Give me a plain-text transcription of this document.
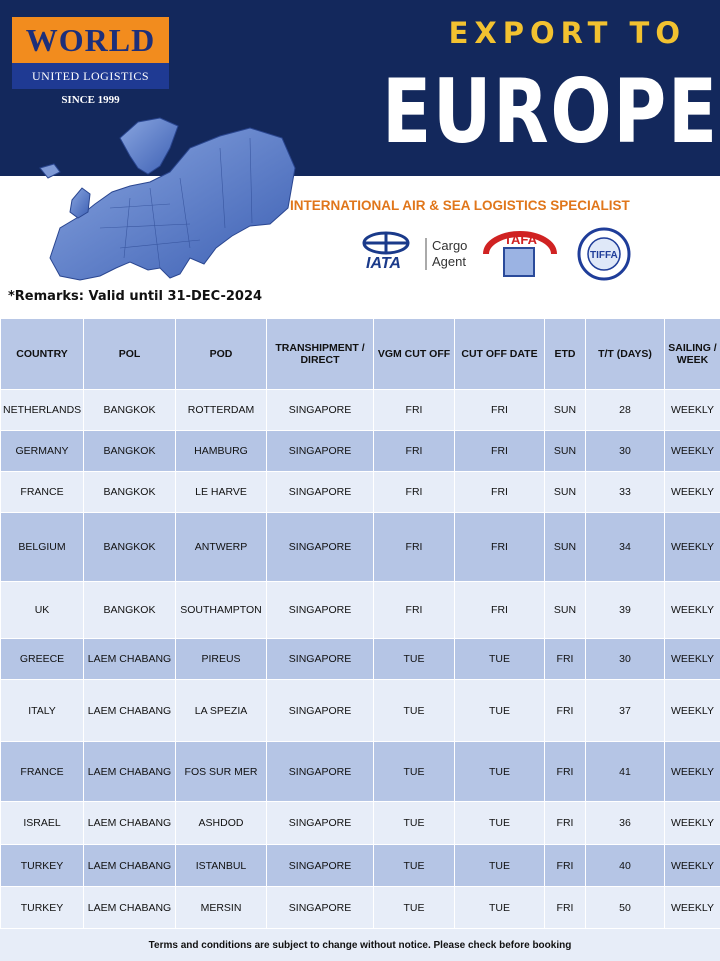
WORLD
UNITED LOGISTICS
SINCE 1999
EXPORT TO
EUROPE
INTERNATIONAL AIR & SEA LOGISTICS SPECIALIST
IATA
Cargo
Agent
TAFA
TIFFA
*Remarks: Valid until 31-DEC-2024
COUNTRY	POL	POD	TRANSHIPMENT / DIRECT	VGM CUT OFF	CUT OFF DATE	ETD	T/T (DAYS)	SAILING / WEEK
NETHERLANDS	BANGKOK	ROTTERDAM	SINGAPORE	FRI	FRI	SUN	28	WEEKLY
GERMANY	BANGKOK	HAMBURG	SINGAPORE	FRI	FRI	SUN	30	WEEKLY
FRANCE	BANGKOK	LE HARVE	SINGAPORE	FRI	FRI	SUN	33	WEEKLY
BELGIUM	BANGKOK	ANTWERP	SINGAPORE	FRI	FRI	SUN	34	WEEKLY
UK	BANGKOK	SOUTHAMPTON	SINGAPORE	FRI	FRI	SUN	39	WEEKLY
GREECE	LAEM CHABANG	PIREUS	SINGAPORE	TUE	TUE	FRI	30	WEEKLY
ITALY	LAEM CHABANG	LA SPEZIA	SINGAPORE	TUE	TUE	FRI	37	WEEKLY
FRANCE	LAEM CHABANG	FOS SUR MER	SINGAPORE	TUE	TUE	FRI	41	WEEKLY
ISRAEL	LAEM CHABANG	ASHDOD	SINGAPORE	TUE	TUE	FRI	36	WEEKLY
TURKEY	LAEM CHABANG	ISTANBUL	SINGAPORE	TUE	TUE	FRI	40	WEEKLY
TURKEY	LAEM CHABANG	MERSIN	SINGAPORE	TUE	TUE	FRI	50	WEEKLY
Terms and conditions are subject to change without notice. Please check before booking
